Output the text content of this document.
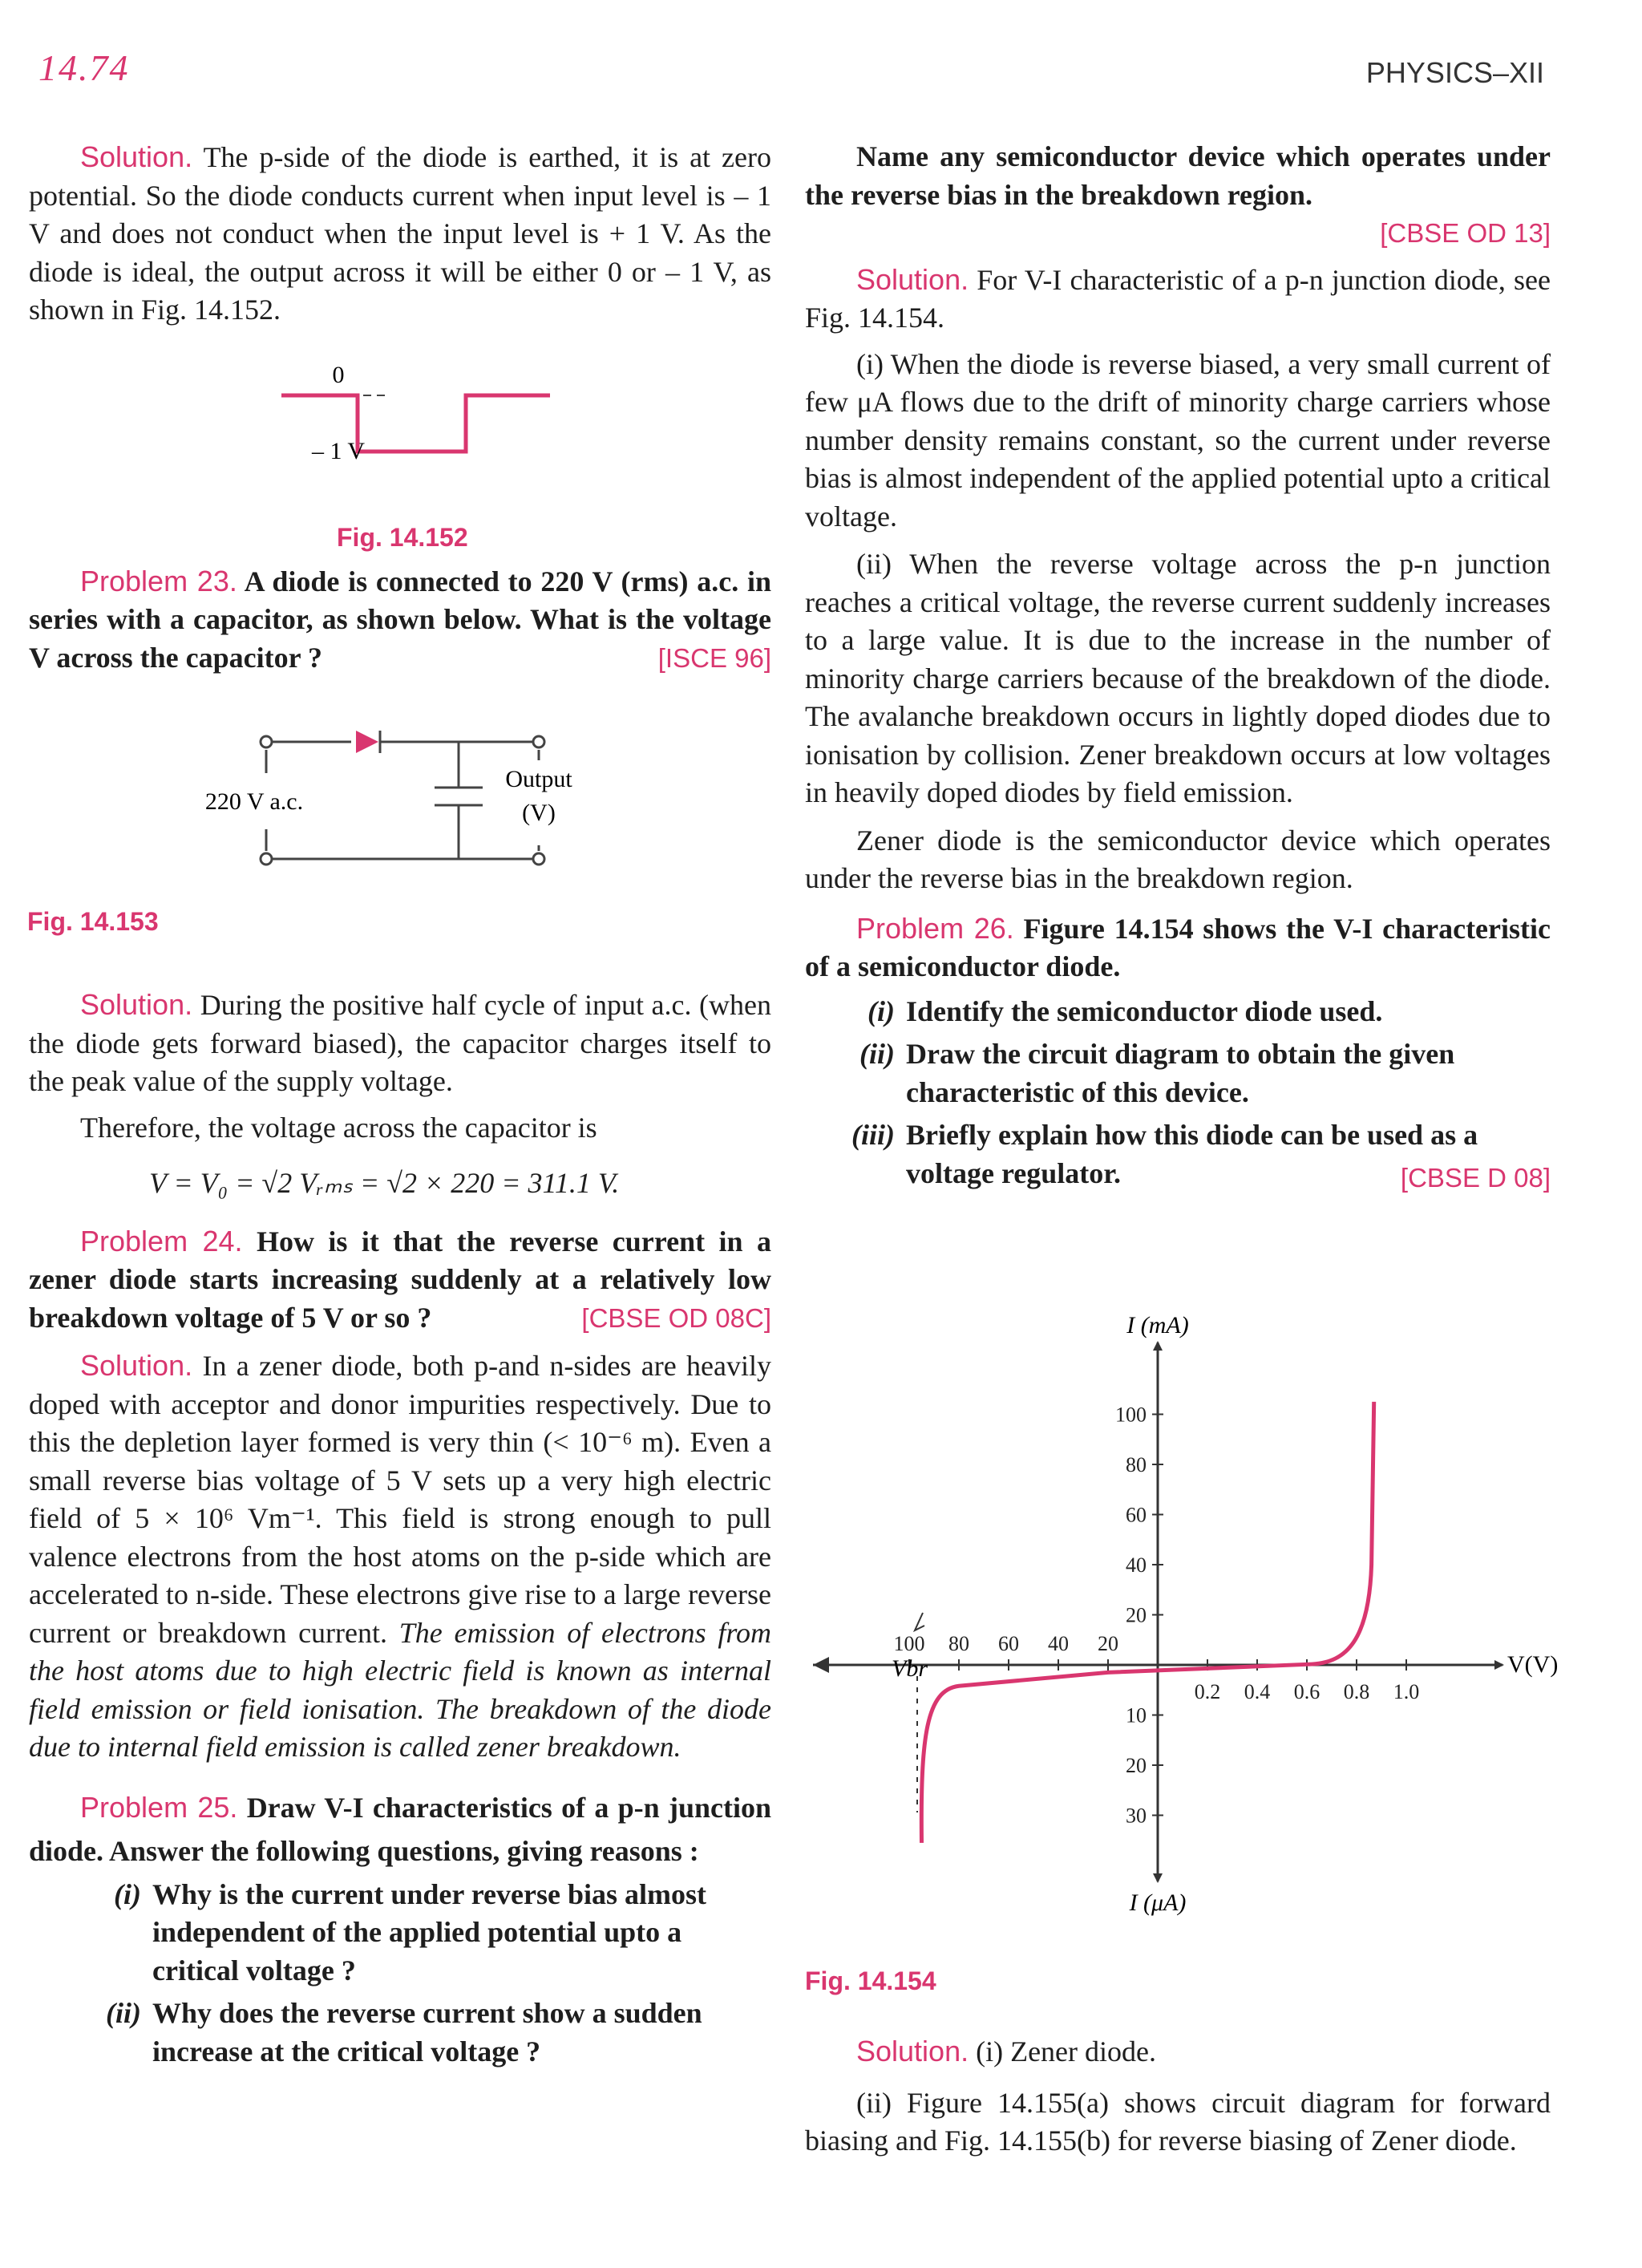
14.74	PHYSICS–XII

Solution. The p-side of the diode is earthed, it is at zero potential. So the diode conducts current when input level is – 1 V and does not conduct when the input level is + 1 V. As the diode is ideal, the output across it will be either 0 or – 1 V, as shown in Fig. 14.152.

0
– 1 V
Fig. 14.152

Problem 23. A diode is connected to 220 V (rms) a.c. in series with a capacitor, as shown below. What is the voltage V across the capacitor ?	[ISCE 96]

220 V a.c.
Output
(V)
Fig. 14.153

Solution. During the positive half cycle of input a.c. (when the diode gets forward biased), the capacitor charges itself to the peak value of the supply voltage.

Therefore, the voltage across the capacitor is

V = V₀ = √2 Vᵣₘₛ = √2 × 220 = 311.1 V.

Problem 24. How is it that the reverse current in a zener diode starts increasing suddenly at a relatively low breakdown voltage of 5 V or so ?	[CBSE OD 08C]

Solution. In a zener diode, both p-and n-sides are heavily doped with acceptor and donor impurities respectively. Due to this the depletion layer formed is very thin (< 10⁻⁶ m). Even a small reverse bias voltage of 5 V sets up a very high electric field of 5 × 10⁶ Vm⁻¹. This field is strong enough to pull valence electrons from the host atoms on the p-side which are accelerated to n-side. These electrons give rise to a large reverse current or breakdown current. The emission of electrons from the host atoms due to high electric field is known as internal field emission or field ionisation. The breakdown of the diode due to internal field emission is called zener breakdown.

Problem 25. Draw V-I characteristics of a p-n junction diode. Answer the following questions, giving reasons :

(i) Why is the current under reverse bias almost independent of the applied potential upto a critical voltage ?
(ii) Why does the reverse current show a sudden increase at the critical voltage ?

Name any semiconductor device which operates under the reverse bias in the breakdown region.

[CBSE OD 13]

Solution. For V-I characteristic of a p-n junction diode, see Fig. 14.154.

(i) When the diode is reverse biased, a very small current of few μA flows due to the drift of minority charge carriers whose number density remains constant, so the current under reverse bias is almost independent of the applied potential upto a critical voltage.

(ii) When the reverse voltage across the p-n junction reaches a critical voltage, the reverse current suddenly increases to a large value. It is due to the increase in the number of minority charge carriers because of the breakdown of the diode. The avalanche breakdown occurs in lightly doped diodes due to ionisation by collision. Zener breakdown occurs at low voltages in heavily doped diodes by field emission.

Zener diode is the semiconductor device which operates under the reverse bias in the breakdown region.

Problem 26. Figure 14.154 shows the V-I characteristic of a semiconductor diode.

(i) Identify the semiconductor diode used.
(ii) Draw the circuit diagram to obtain the given characteristic of this device.
(iii) Briefly explain how this diode can be used as a voltage regulator.	[CBSE D 08]

0.2 0.4 0.6 0.8 1.0
100 80 60 40 20
100
80
60
40
20
10
20
30
Vbr
I (mA)
I (μA)
V(V)
Fig. 14.154

Solution. (i) Zener diode.

(ii) Figure 14.155(a) shows circuit diagram for forward biasing and Fig. 14.155(b) for reverse biasing of Zener diode.
